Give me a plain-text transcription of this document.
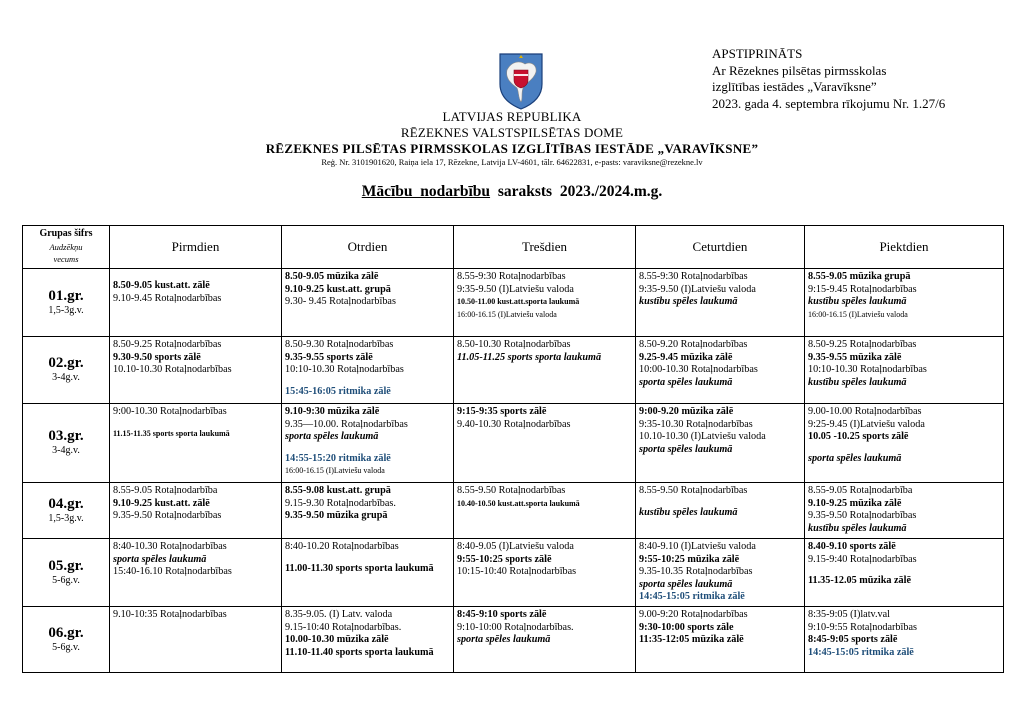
APSTIPRINĀTS
Ar Rēzeknes pilsētas pirmsskolas
izglītības iestādes „Varavīksne”
2023. gada 4. septembra rīkojumu Nr. 1.27/6
LATVIJAS REPUBLIKA
RĒZEKNES VALSTSPILSĒTAS DOME
RĒZEKNES PILSĒTAS PIRMSSKOLAS IZGLĪTĪBAS IESTĀDE „VARAVĪKSNE”
Reģ. Nr. 3101901620, Raiņa iela 17, Rēzekne, Latvija LV-4601, tālr. 64622831, e-pasts: varaviksne@rezekne.lv
Mācību  nodarbību  saraksts  2023./2024.m.g.
Grupas šifrs
Audzēkņu
vecums	Pirmdien	Otrdien	Trešdien	Ceturtdien	Piektdien

01.gr.
1,5-3g.v.	8.50-9.05 kust.att. zālē
9.10-9.45 Rotaļnodarbības	8.50-9.05 mūzika zālē
9.10-9.25 kust.att. grupā
9.30- 9.45 Rotaļnodarbības	8.55-9:30 Rotaļnodarbības
9:35-9.50 (I)Latviešu valoda
10.50-11.00 kust.att.sporta laukumā
16:00-16.15 (I)Latviešu valoda	8.55-9:30 Rotaļnodarbības
9:35-9.50 (I)Latviešu valoda
kustību spēles laukumā	8.55-9.05 mūzika grupā
9:15-9.45 Rotaļnodarbības
kustību spēles laukumā
16:00-16.15 (I)Latviešu valoda

02.gr.
3-4g.v.	8.50-9.25 Rotaļnodarbības
9.30-9.50 sports zālē
10.10-10.30 Rotaļnodarbības	8.50-9.30 Rotaļnodarbības
9.35-9.55 sports zālē
10:10-10.30 Rotaļnodarbības
15:45-16:05 ritmika zālē	8.50-10.30 Rotaļnodarbības
11.05-11.25 sports sporta laukumā	8.50-9.20 Rotaļnodarbības
9.25-9.45 mūzika zālē
10:00-10.30 Rotaļnodarbības
sporta spēles laukumā	8.50-9.25 Rotaļnodarbības
9.35-9.55 mūzika zālē
10:10-10.30 Rotaļnodarbības
kustību spēles laukumā

03.gr.
3-4g.v.	9:00-10.30 Rotaļnodarbības
11.15-11.35 sports sporta laukumā	9.10-9:30 mūzika zālē
9.35—10.00. Rotaļnodarbības
sporta spēles laukumā
14:55-15:20 ritmika zālē
16:00-16.15 (I)Latviešu valoda	9:15-9:35 sports zālē
9.40-10.30 Rotaļnodarbības	9:00-9.20 mūzika zālē
9:35-10.30 Rotaļnodarbības
10.10-10.30 (I)Latviešu valoda
sporta spēles laukumā	9.00-10.00 Rotaļnodarbības
9:25-9.45 (I)Latviešu valoda
10.05 -10.25 sports zālē
sporta spēles laukumā

04.gr.
1,5-3g.v.	8.55-9.05 Rotaļnodarbība
9.10-9.25 kust.att. zālē
9.35-9.50 Rotaļnodarbības	8.55-9.08 kust.att. grupā
9.15-9.30 Rotaļnodarbības.
9.35-9.50 mūzika grupā	8.55-9.50 Rotaļnodarbības
10.40-10.50 kust.att.sporta laukumā	8.55-9.50 Rotaļnodarbības
kustību spēles laukumā	8.55-9.05 Rotaļnodarbība
9.10-9.25 mūzika zālē
9.35-9.50 Rotaļnodarbības
kustību spēles laukumā

05.gr.
5-6g.v.	8:40-10.30 Rotaļnodarbības
sporta spēles laukumā
15:40-16.10 Rotaļnodarbības	8:40-10.20 Rotaļnodarbības
11.00-11.30 sports sporta laukumā	8:40-9.05 (I)Latviešu valoda
9:55-10:25 sports zālē
10:15-10:40 Rotaļnodarbības	8:40-9.10 (I)Latviešu valoda
9:55-10:25 mūzika zālē
9.35-10.35 Rotaļnodarbības
sporta spēles laukumā
14:45-15:05 ritmika zālē	8.40-9.10 sports zālē
9.15-9:40 Rotaļnodarbības
11.35-12.05 mūzika zālē

06.gr.
5-6g.v.	9.10-10:35 Rotaļnodarbības	8.35-9.05. (I) Latv. valoda
9.15-10:40 Rotaļnodarbības.
10.00-10.30 mūzika zālē
11.10-11.40 sports sporta laukumā	8:45-9:10 sports zālē
9:10-10:00 Rotaļnodarbības.
sporta spēles laukumā	9.00-9:20 Rotaļnodarbības
9:30-10:00 sports zāle
11:35-12:05 mūzika zālē	8:35-9:05 (I)latv.val
9:10-9:55 Rotaļnodarbības
8:45-9:05 sports zālē
14:45-15:05 ritmika zālē
